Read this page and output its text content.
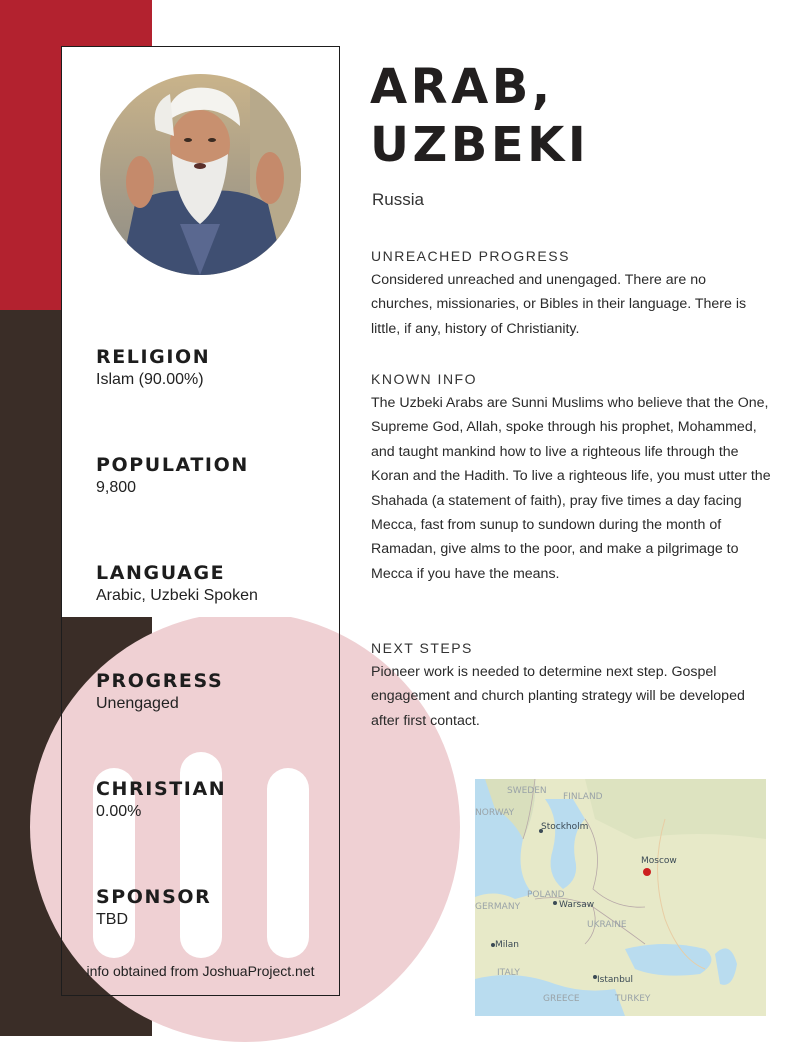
RELIGION
Islam (90.00%)
POPULATION
9,800
LANGUAGE
Arabic, Uzbeki Spoken
PROGRESS
Unengaged
CHRISTIAN
0.00%
SPONSOR
TBD
info obtained from JoshuaProject.net
ARAB,
UZBEKI
Russia
UNREACHED PROGRESS
Considered unreached and unengaged. There are no churches, missionaries, or Bibles in their language. There is little, if any, history of Christianity.
KNOWN INFO
The Uzbeki Arabs are Sunni Muslims who believe that the One, Supreme God, Allah, spoke through his prophet, Mohammed, and taught mankind how to live a righteous life through the Koran and the Hadith. To live a righteous life, you must utter the Shahada (a statement of faith), pray five times a day facing Mecca, fast from sunup to sundown during the month of Ramadan, give alms to the poor, and make a pilgrimage to Mecca if you have the means.
NEXT STEPS
Pioneer work is needed to determine next step. Gospel engagement and church planting strategy will be developed after first contact.
SWEDEN
FINLAND
NORWAY
Stockholm
Moscow
POLAND
Warsaw
GERMANY
UKRAINE
Milan
ITALY
Istanbul
GREECE	TURKEY
